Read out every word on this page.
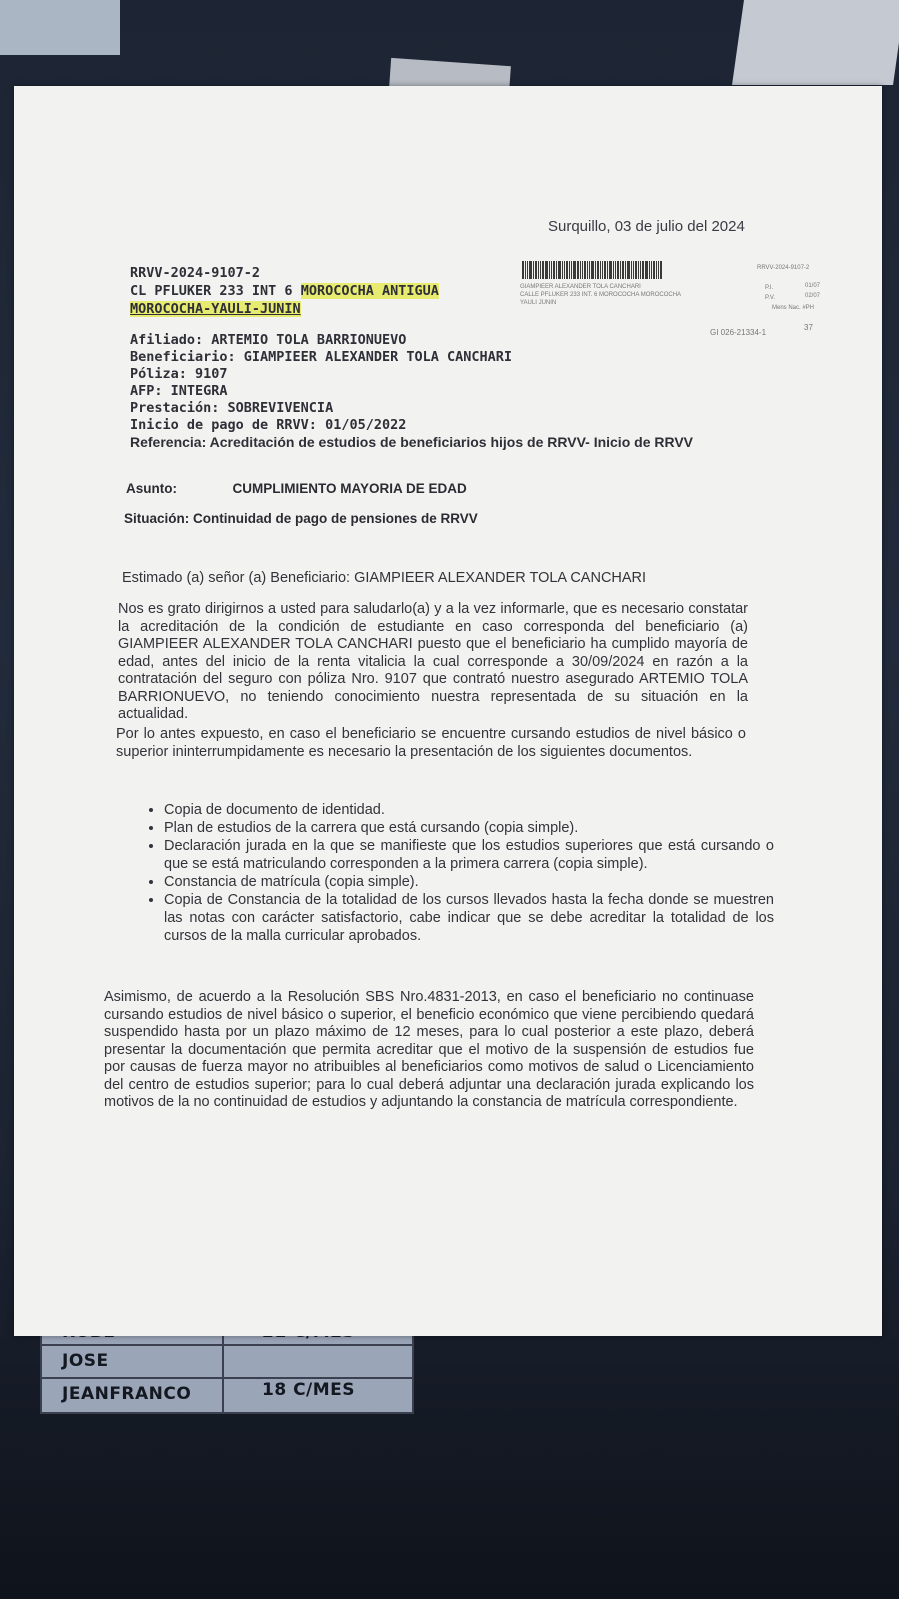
JOSE
JEANFRANCO	18 C/MES
Surquillo, 03 de julio del 2024
RRVV-2024-9107-2
CL PFLUKER 233 INT 6 MOROCOCHA ANTIGUA
MOROCOCHA-YAULI-JUNIN
RRVV-2024-9107-2
GIAMPIEER ALEXANDER TOLA CANCHARI
CALLE PFLUKER 233 INT. 6 MOROCOCHA MOROCOCHA
YAULI JUNIN
P.I.	01/07
P.V.	02/07
Mens Nac. #PH
GI 026-21334-1
37
Afiliado: ARTEMIO TOLA BARRIONUEVO
Beneficiario: GIAMPIEER ALEXANDER TOLA CANCHARI
Póliza: 9107
AFP: INTEGRA
Prestación: SOBREVIVENCIA
Inicio de pago de RRVV: 01/05/2022
Referencia: Acreditación de estudios de beneficiarios hijos de RRVV- Inicio de RRVV
Asunto:	CUMPLIMIENTO MAYORIA DE EDAD
Situación: Continuidad de pago de pensiones de RRVV
Estimado (a) señor (a) Beneficiario: GIAMPIEER ALEXANDER TOLA CANCHARI
Nos es grato dirigirnos a usted para saludarlo(a) y a la vez informarle, que es necesario constatar la acreditación de la condición de estudiante en caso corresponda del beneficiario (a) GIAMPIEER ALEXANDER TOLA CANCHARI puesto que el beneficiario ha cumplido mayoría de edad, antes del inicio de la renta vitalicia la cual corresponde a 30/09/2024 en razón a la contratación del seguro con póliza Nro. 9107 que contrató nuestro asegurado ARTEMIO TOLA BARRIONUEVO, no teniendo conocimiento nuestra representada de su situación en la actualidad.
Por lo antes expuesto, en caso el beneficiario se encuentre cursando estudios de nivel básico o superior ininterrumpidamente es necesario la presentación de los siguientes documentos.
• Copia de documento de identidad.
• Plan de estudios de la carrera que está cursando (copia simple).
• Declaración jurada en la que se manifieste que los estudios superiores que está cursando o que se está matriculando corresponden a la primera carrera (copia simple).
• Constancia de matrícula (copia simple).
• Copia de Constancia de la totalidad de los cursos llevados hasta la fecha donde se muestren las notas con carácter satisfactorio, cabe indicar que se debe acreditar la totalidad de los cursos de la malla curricular aprobados.
Asimismo, de acuerdo a la Resolución SBS Nro.4831-2013, en caso el beneficiario no continuase cursando estudios de nivel básico o superior, el beneficio económico que viene percibiendo quedará suspendido hasta por un plazo máximo de 12 meses, para lo cual posterior a este plazo, deberá presentar la documentación que permita acreditar que el motivo de la suspensión de estudios fue por causas de fuerza mayor no atribuibles al beneficiarios como motivos de salud o Licenciamiento del centro de estudios superior; para lo cual deberá adjuntar una declaración jurada explicando los motivos de la no continuidad de estudios y adjuntando la constancia de matrícula correspondiente.
